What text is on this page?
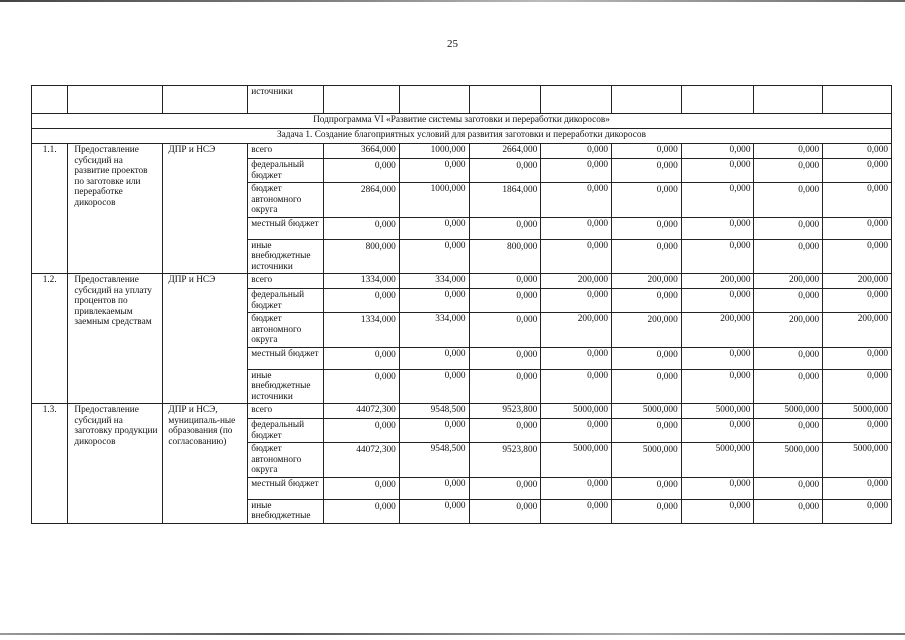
25
			источники								
Подпрограмма VI «Развитие системы заготовки и переработки дикоросов»											
Задача 1. Создание благоприятных условий для развития заготовки и переработки дикоросов											
1.1.	Предоставление субсидий на развитие проектов по заготовке или переработке дикоросов	ДПР и НСЭ	всего	3664,000	1000,000	2664,000	0,000	0,000	0,000	0,000	0,000
			федеральный бюджет	0,000	0,000	0,000	0,000	0,000	0,000	0,000	0,000
			бюджет автономного округа	2864,000	1000,000	1864,000	0,000	0,000	0,000	0,000	0,000
			местный бюджет	0,000	0,000	0,000	0,000	0,000	0,000	0,000	0,000
			иные внебюджетные источники	800,000	0,000	800,000	0,000	0,000	0,000	0,000	0,000
1.2.	Предоставление субсидий на уплату процентов по привлекаемым заемным средствам	ДПР и НСЭ	всего	1334,000	334,000	0,000	200,000	200,000	200,000	200,000	200,000
			федеральный бюджет	0,000	0,000	0,000	0,000	0,000	0,000	0,000	0,000
			бюджет автономного округа	1334,000	334,000	0,000	200,000	200,000	200,000	200,000	200,000
			местный бюджет	0,000	0,000	0,000	0,000	0,000	0,000	0,000	0,000
			иные внебюджетные источники	0,000	0,000	0,000	0,000	0,000	0,000	0,000	0,000
1.3.	Предоставление субсидий на заготовку продукции дикоросов	ДПР и НСЭ, муниципаль-ные образования (по согласованию)	всего	44072,300	9548,500	9523,800	5000,000	5000,000	5000,000	5000,000	5000,000
			федеральный бюджет	0,000	0,000	0,000	0,000	0,000	0,000	0,000	0,000
			бюджет автономного округа	44072,300	9548,500	9523,800	5000,000	5000,000	5000,000	5000,000	5000,000
			местный бюджет	0,000	0,000	0,000	0,000	0,000	0,000	0,000	0,000
			иные внебюджетные	0,000	0,000	0,000	0,000	0,000	0,000	0,000	0,000
